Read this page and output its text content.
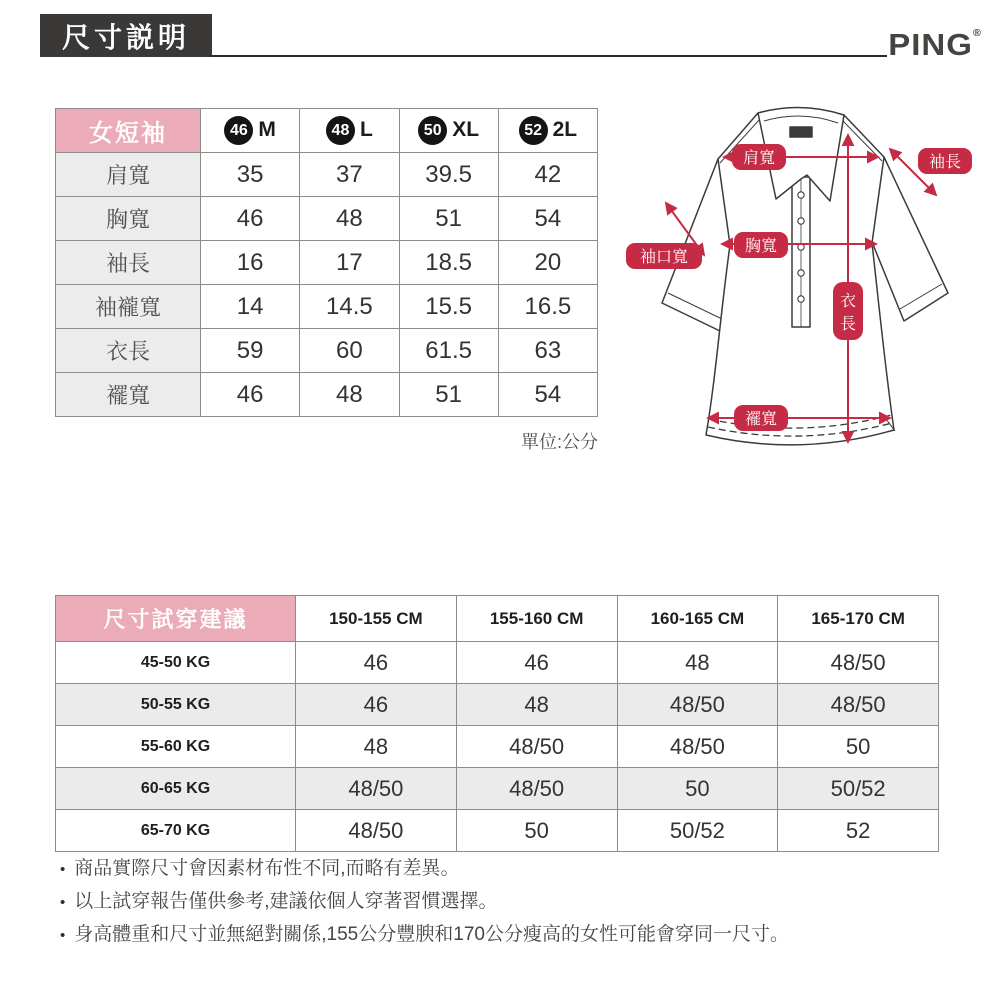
尺寸説明	PING®
女短袖	46 M	48 L	50 XL	52 2L
肩寬	35	37	39.5	42
胸寬	46	48	51	54
袖長	16	17	18.5	20
袖襱寬	14	14.5	15.5	16.5
衣長	59	60	61.5	63
襬寬	46	48	51	54
單位:公分
肩寬	袖長
袖口寬
胸寬
襬寬
衣
長
尺寸試穿建議	150-155 CM	155-160 CM	160-165 CM	165-170 CM
45-50 KG	46	46	48	48/50
50-55 KG	46	48	48/50	48/50
55-60 KG	48	48/50	48/50	50
60-65 KG	48/50	48/50	50	50/52
65-70 KG	48/50	50	50/52	52
• 商品實際尺寸會因素材布性不同,而略有差異。
• 以上試穿報告僅供參考,建議依個人穿著習慣選擇。
• 身高體重和尺寸並無絕對關係,155公分豐腴和170公分瘦高的女性可能會穿同一尺寸。
